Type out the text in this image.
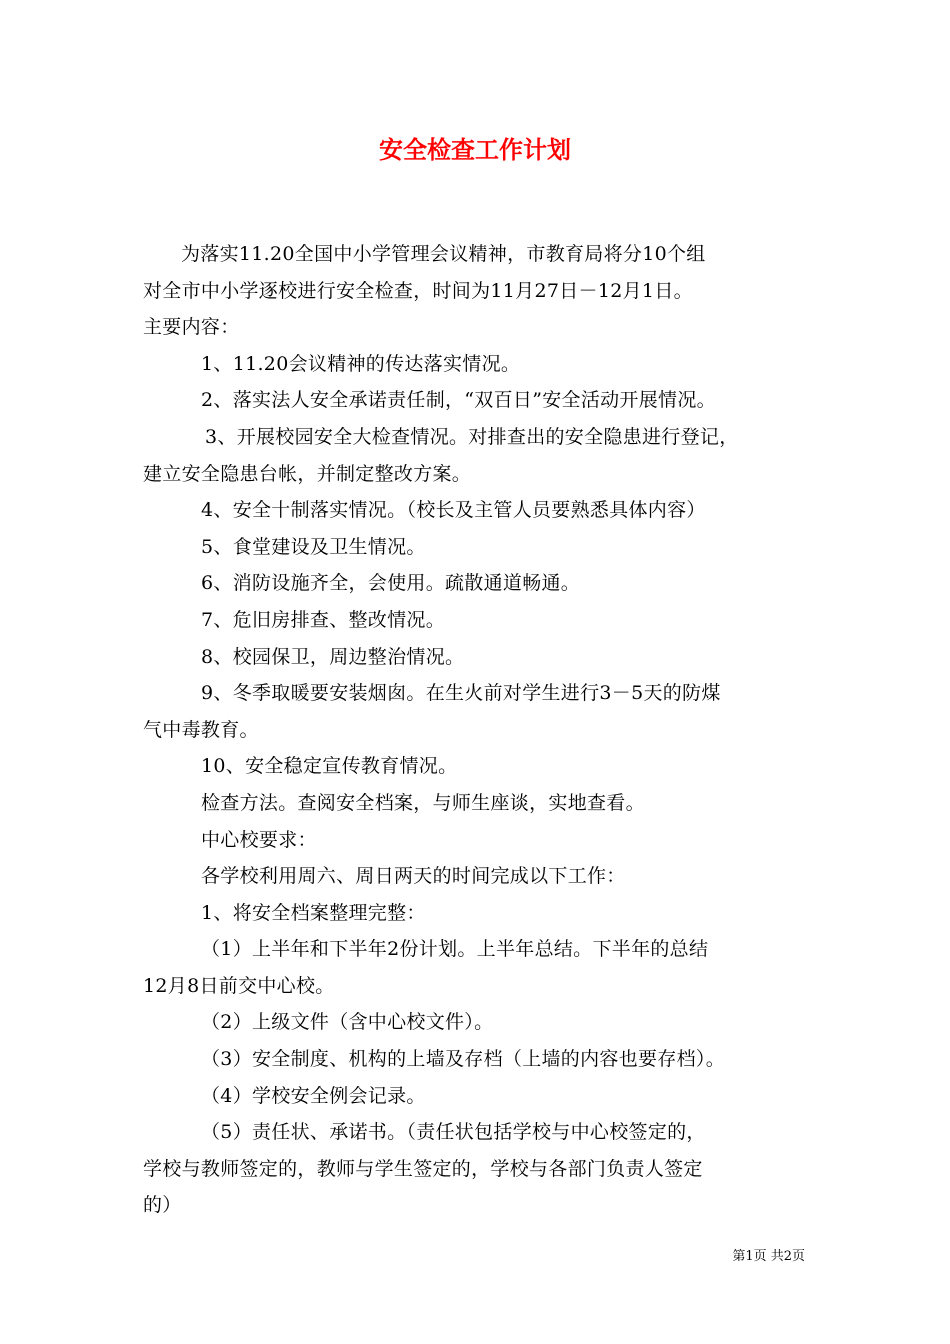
安全检查工作计划

为落实11.20全国中小学管理会议精神，市教育局将分10个组

对全市中小学逐校进行安全检查，时间为11月27日－12月1日。

主要内容：

1、11.20会议精神的传达落实情况。

2、落实法人安全承诺责任制，“双百日”安全活动开展情况。

3、开展校园安全大检查情况。对排查出的安全隐患进行登记，

建立安全隐患台帐，并制定整改方案。

4、安全十制落实情况。（校长及主管人员要熟悉具体内容）

5、食堂建设及卫生情况。

6、消防设施齐全，会使用。疏散通道畅通。

7、危旧房排查、整改情况。

8、校园保卫，周边整治情况。

9、冬季取暖要安装烟囱。在生火前对学生进行3－5天的防煤

气中毒教育。

10、安全稳定宣传教育情况。

检查方法。查阅安全档案，与师生座谈，实地查看。

中心校要求：

各学校利用周六、周日两天的时间完成以下工作：

1、将安全档案整理完整：

（1）上半年和下半年2份计划。上半年总结。下半年的总结

12月8日前交中心校。

（2）上级文件（含中心校文件）。

（3）安全制度、机构的上墙及存档（上墙的内容也要存档）。

（4）学校安全例会记录。

（5）责任状、承诺书。（责任状包括学校与中心校签定的，

学校与教师签定的，教师与学生签定的，学校与各部门负责人签定

的）

第1页 共2页
